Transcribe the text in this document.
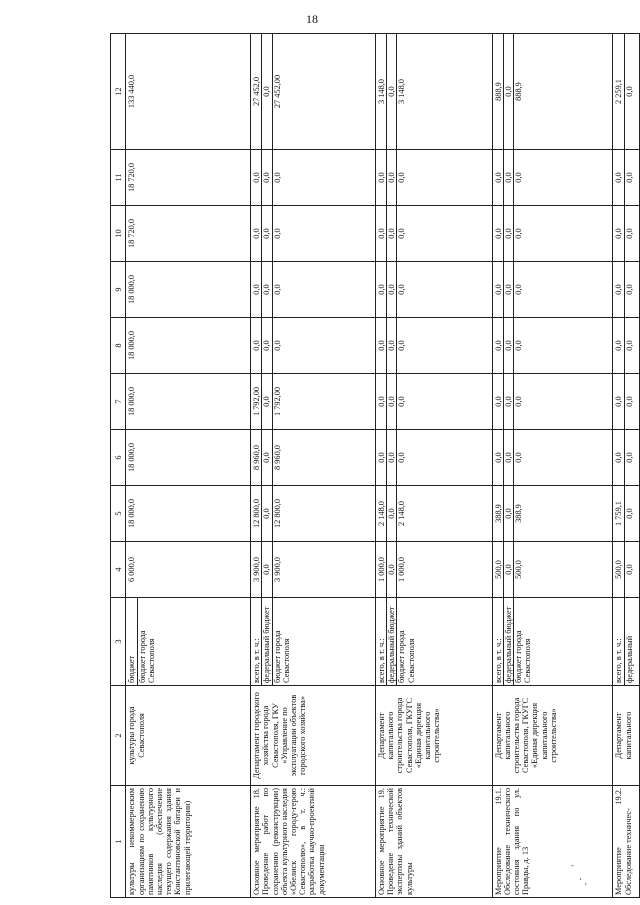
18
1	2	3	4	5	6	7	8	9	10	11	12
культуры некоммерческим организациям по сохранению памятников культурного наследия (обеспечение текущего содержания здания Константиновской батареи и прилегающей территории)	культуры города Севастополя	бюджет бюджет города Севастополя	6 000,0	18 000,0	18 000,0	18 000,0	18 000,0	18 000,0	18 720,0	18 720,0	133 440,0
Основное мероприятие 18. Проведение работ по сохранению (реконструкции) объекта культурного наследия «Обелиск городу-герою Севастополю», в т. ч.: разработка научно-проектной документации	Департамент городского хозяйства города Севастополя, ГКУ «Управление по эксплуатации объектов городского хозяйства»	всего, в т. ч.: федеральный бюджет бюджет города Севастополя	3 900,0 0,0 3 900,0	12 800,0 0,0 12 800,0	8 960,0 0,0 8 960,0	1 792,00 0,0 1 792,00	0,0 0,0 0,0	0,0 0,0 0,0	0,0 0,0 0,0	0,0 0,0 0,0	27 452,0 0,0 27 452,00

Основное мероприятие 19. Проведение технической экспертизы зданий объектов культуры	Департамент капитального строительства города Севастополя, ГКУГС «Единая дирекция капитального строительства»	всего, в т. ч.: федеральный бюджет бюджет города Севастополя	1 000,0 0,0 1 000,0	2 148,0 0,0 2 148,0	0,0 0,0 0,0	0,0 0,0 0,0	0,0 0,0 0,0	0,0 0,0 0,0	0,0 0,0 0,0	0,0 0,0 0,0	3 148,0 0,0 3 148,0

Мероприятие 19.1. Обследование технического состояния здания по ул. Правды, д. 13	Департамент капитального строительства города Севастополя, ГКУГС «Единая дирекция капитального строительства»	всего, в т. ч.: федеральный бюджет бюджет города Севастополя	500,0 0,0 500,0	388,9 0,0 388,9	0,0 0,0 0,0	0,0 0,0 0,0	0,0 0,0 0,0	0,0 0,0 0,0	0,0 0,0 0,0	0,0 0,0 0,0	888,9 0,0 888,9

Мероприятие 19.2. Обследование техничес-	Департамент капитального	всего, в т. ч.: федеральный	500,0 0,0	1 759,1 0,0	0,0 0,0	0,0 0,0	0,0 0,0	0,0 0,0	0,0 0,0	0,0 0,0	2 259,1 0,0
-
‘ ‚
